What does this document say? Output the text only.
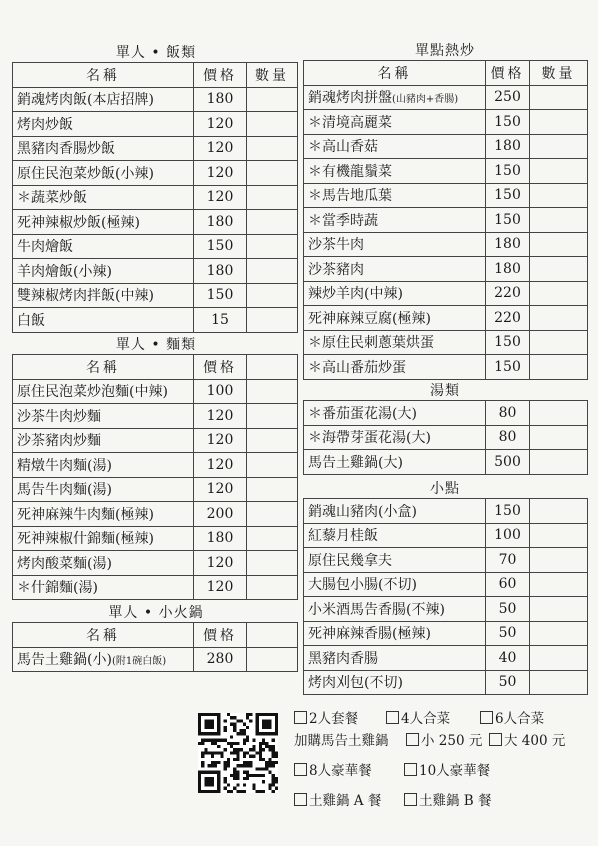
單人 • 飯類
名稱	價格	數量
銷魂烤肉飯(本店招牌)	180	
烤肉炒飯	120	
黑豬肉香腸炒飯	120	
原住民泡菜炒飯(小辣)	120	
＊蔬菜炒飯	120	
死神辣椒炒飯(極辣)	180	
牛肉燴飯	150	
羊肉燴飯(小辣)	180	
雙辣椒烤肉拌飯(中辣)	150	
白飯	15	
單人 • 麵類
名稱	價格	
原住民泡菜炒泡麵(中辣)	100	
沙茶牛肉炒麵	120	
沙茶豬肉炒麵	120	
精燉牛肉麵(湯)	120	
馬告牛肉麵(湯)	120	
死神麻辣牛肉麵(極辣)	200	
死神辣椒什錦麵(極辣)	180	
烤肉酸菜麵(湯)	120	
＊什錦麵(湯)	120	
單人 • 小火鍋
名稱	價格	
馬告土雞鍋(小)(附1碗白飯)	280	
單點熱炒
名稱	價格	數量
銷魂烤肉拼盤(山豬肉+香腸)	250	
＊清境高麗菜	150	
＊高山香菇	180	
＊有機龍鬚菜	150	
＊馬告地瓜葉	150	
＊當季時蔬	150	
沙茶牛肉	180	
沙茶豬肉	180	
辣炒羊肉(中辣)	220	
死神麻辣豆腐(極辣)	220	
＊原住民刺蔥葉烘蛋	150	
＊高山番茄炒蛋	150	
湯類
＊番茄蛋花湯(大)	80	
＊海帶芽蛋花湯(大)	80	
馬告土雞鍋(大)	500	
小點
銷魂山豬肉(小盒)	150	
紅藜月桂飯	100	
原住民幾拿夫	70	
大腸包小腸(不切)	60	
小米酒馬告香腸(不辣)	50	
死神麻辣香腸(極辣)	50	
黑豬肉香腸	40	
烤肉刈包(不切)	50	
2人套餐	4人合菜	6人合菜
加購馬告土雞鍋	小 250 元	大 400 元
8人豪華餐	10人豪華餐
土雞鍋 A 餐	土雞鍋 B 餐
